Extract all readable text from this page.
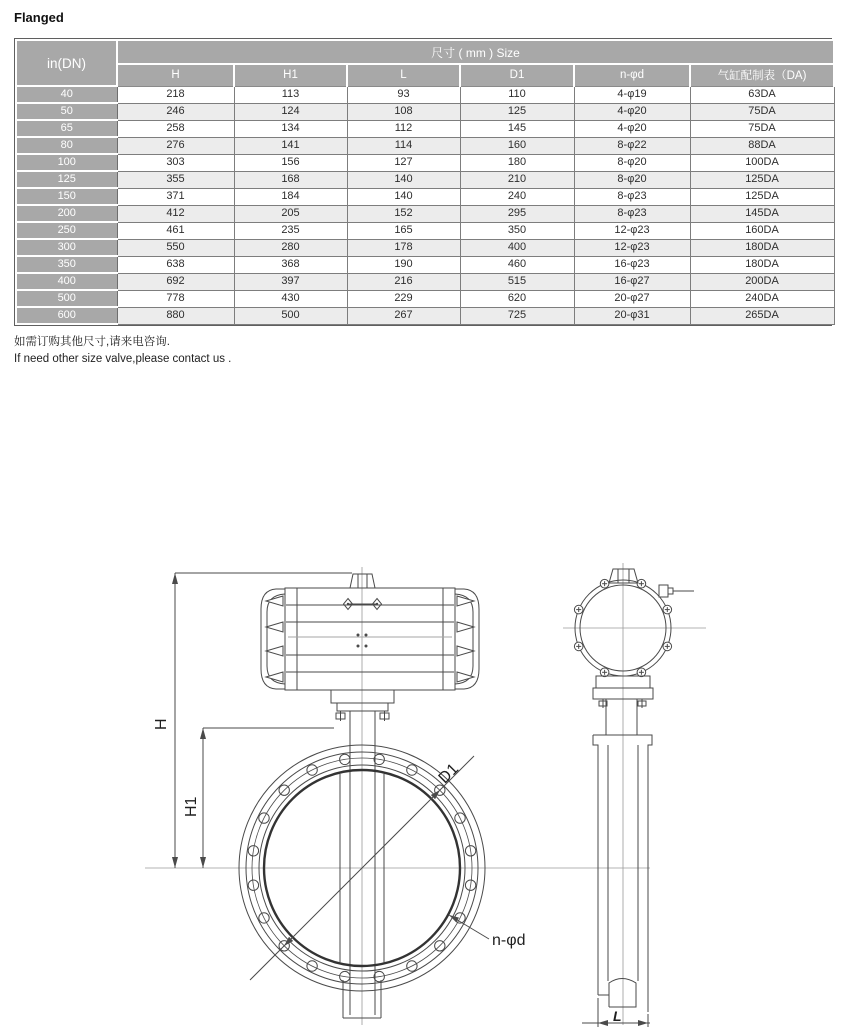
Flanged
in(DN)	尺寸 ( mm ) Size					
	H	H1	L	D1	n-φd	气缸配制表（DA)
40	218	113	93	110	4-φ19	63DA
50	246	124	108	125	4-φ20	75DA
65	258	134	112	145	4-φ20	75DA
80	276	141	114	160	8-φ22	88DA
100	303	156	127	180	8-φ20	100DA
125	355	168	140	210	8-φ20	125DA
150	371	184	140	240	8-φ23	125DA
200	412	205	152	295	8-φ23	145DA
250	461	235	165	350	12-φ23	160DA
300	550	280	178	400	12-φ23	180DA
350	638	368	190	460	16-φ23	180DA
400	692	397	216	515	16-φ27	200DA
500	778	430	229	620	20-φ27	240DA
600	880	500	267	725	20-φ31	265DA
如需订购其他尺寸,请来电咨询.
If need other size valve,please contact us .
H
H1
D1
n-φd
L
